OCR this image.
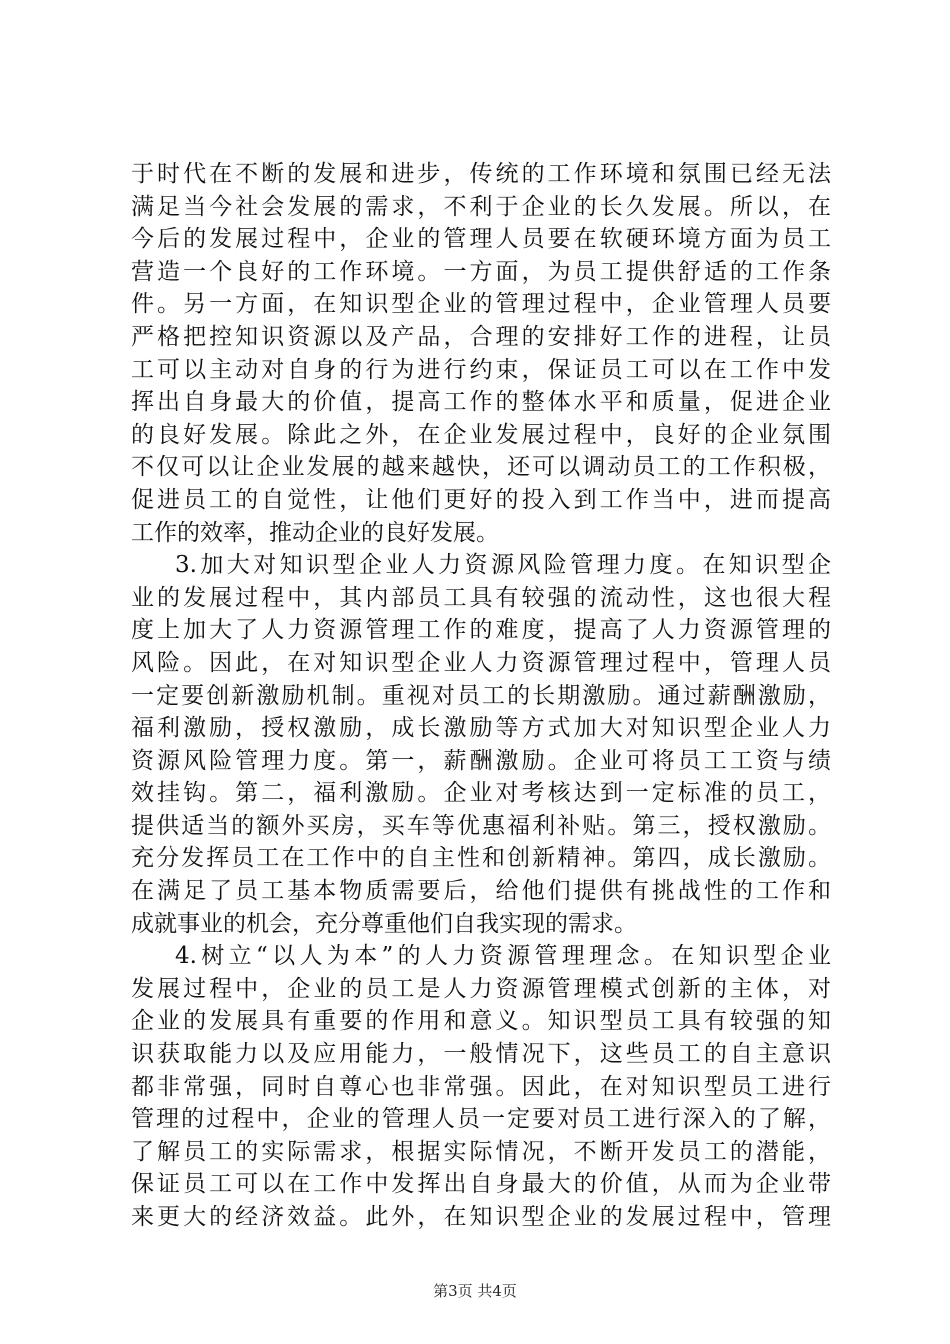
于时代在不断的发展和进步，传统的工作环境和氛围已经无法
满足当今社会发展的需求，不利于企业的长久发展。所以，在
今后的发展过程中，企业的管理人员要在软硬环境方面为员工
营造一个良好的工作环境。一方面，为员工提供舒适的工作条
件。另一方面，在知识型企业的管理过程中，企业管理人员要
严格把控知识资源以及产品，合理的安排好工作的进程，让员
工可以主动对自身的行为进行约束，保证员工可以在工作中发
挥出自身最大的价值，提高工作的整体水平和质量，促进企业
的良好发展。除此之外，在企业发展过程中，良好的企业氛围
不仅可以让企业发展的越来越快，还可以调动员工的工作积极，
促进员工的自觉性，让他们更好的投入到工作当中，进而提高
工作的效率，推动企业的良好发展。
3.加大对知识型企业人力资源风险管理力度。在知识型企
业的发展过程中，其内部员工具有较强的流动性，这也很大程
度上加大了人力资源管理工作的难度，提高了人力资源管理的
风险。因此，在对知识型企业人力资源管理过程中，管理人员
一定要创新激励机制。重视对员工的长期激励。通过薪酬激励，
福利激励，授权激励，成长激励等方式加大对知识型企业人力
资源风险管理力度。第一，薪酬激励。企业可将员工工资与绩
效挂钩。第二，福利激励。企业对考核达到一定标准的员工，
提供适当的额外买房，买车等优惠福利补贴。第三，授权激励。
充分发挥员工在工作中的自主性和创新精神。第四，成长激励。
在满足了员工基本物质需要后，给他们提供有挑战性的工作和
成就事业的机会，充分尊重他们自我实现的需求。
4.树立“以人为本”的人力资源管理理念。在知识型企业
发展过程中，企业的员工是人力资源管理模式创新的主体，对
企业的发展具有重要的作用和意义。知识型员工具有较强的知
识获取能力以及应用能力，一般情况下，这些员工的自主意识
都非常强，同时自尊心也非常强。因此，在对知识型员工进行
管理的过程中，企业的管理人员一定要对员工进行深入的了解，
了解员工的实际需求，根据实际情况，不断开发员工的潜能，
保证员工可以在工作中发挥出自身最大的价值，从而为企业带
来更大的经济效益。此外，在知识型企业的发展过程中，管理
第3页 共4页
